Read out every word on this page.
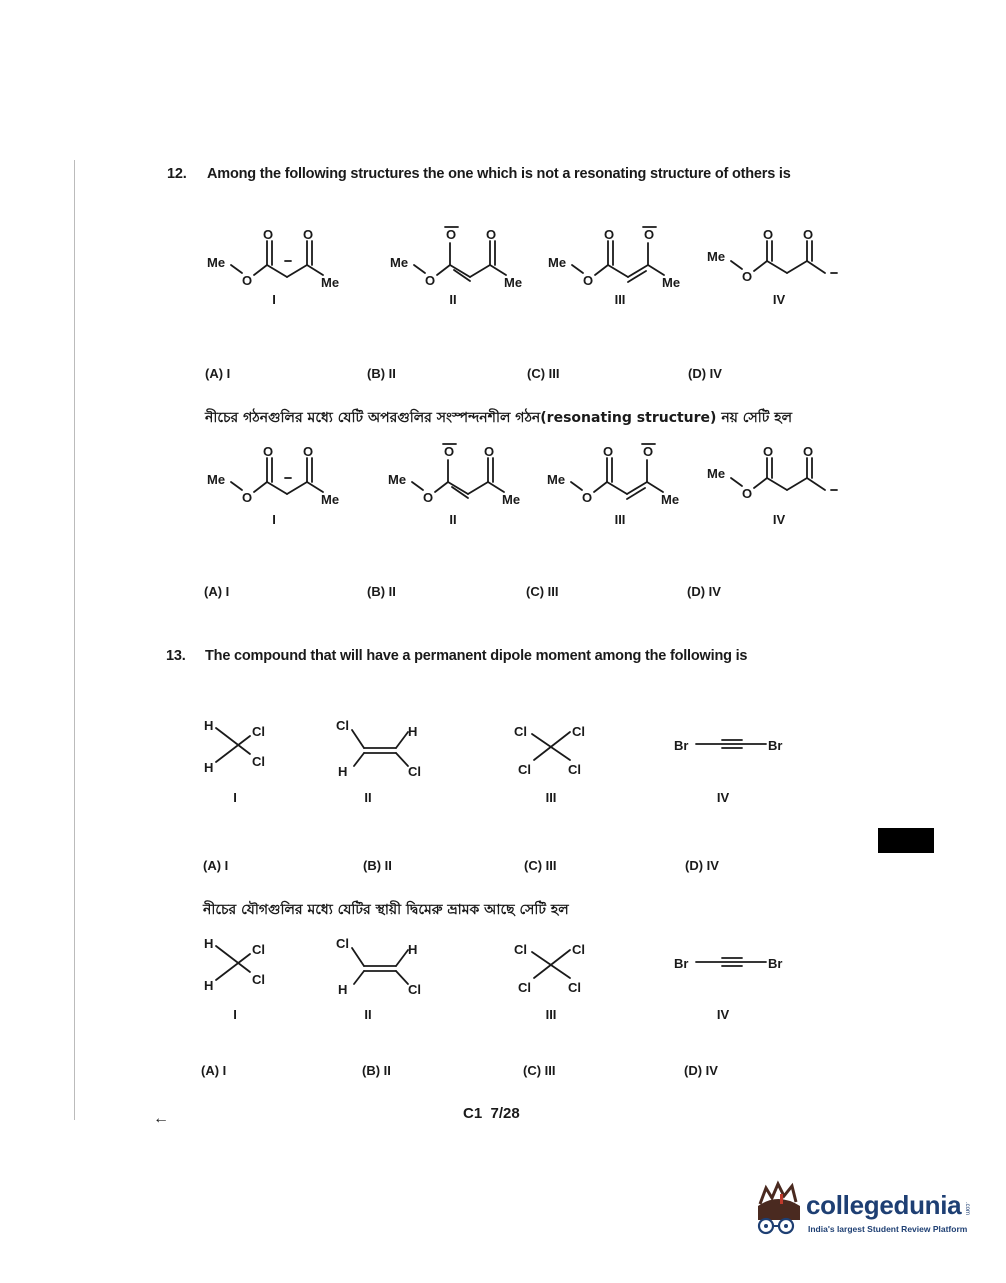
12. Among the following structures the one which is not a resonating structure of others is
Me
O
O O
Me
Me
O
O O
Me
Me
O
O O
Me
Me
O
O O
I	II	III	IV
(A) I	(B) II	(C) III	(D) IV
নীচের গঠনগুলির মধ্যে যেটি অপরগুলির সংস্পন্দনশীল গঠন(resonating structure) নয় সেটি হল
Me
O
O O
Me
Me
O
O O
Me
Me
O
O O
Me
Me
O
O O
I	II	III	IV
(A) I	(B) II	(C) III	(D) IV
13. The compound that will have a permanent dipole moment among the following is
H	Cl
H	Cl
Cl	H
H	Cl
Cl	Cl
Cl	Cl
Br	Br
I	II	III	IV
(A) I	(B) II	(C) III	(D) IV
নীচের যৌগগুলির মধ্যে যেটির স্থায়ী দ্বিমেরু ভ্রামক আছে সেটি হল
H	Cl
H	Cl
Cl	H
H	Cl
Cl	Cl
Cl	Cl
Br	Br
I	II	III	IV
(A) I	(B) II	(C) III	(D) IV
←	C1  7/28
collegedunia .com
India's largest Student Review Platform
